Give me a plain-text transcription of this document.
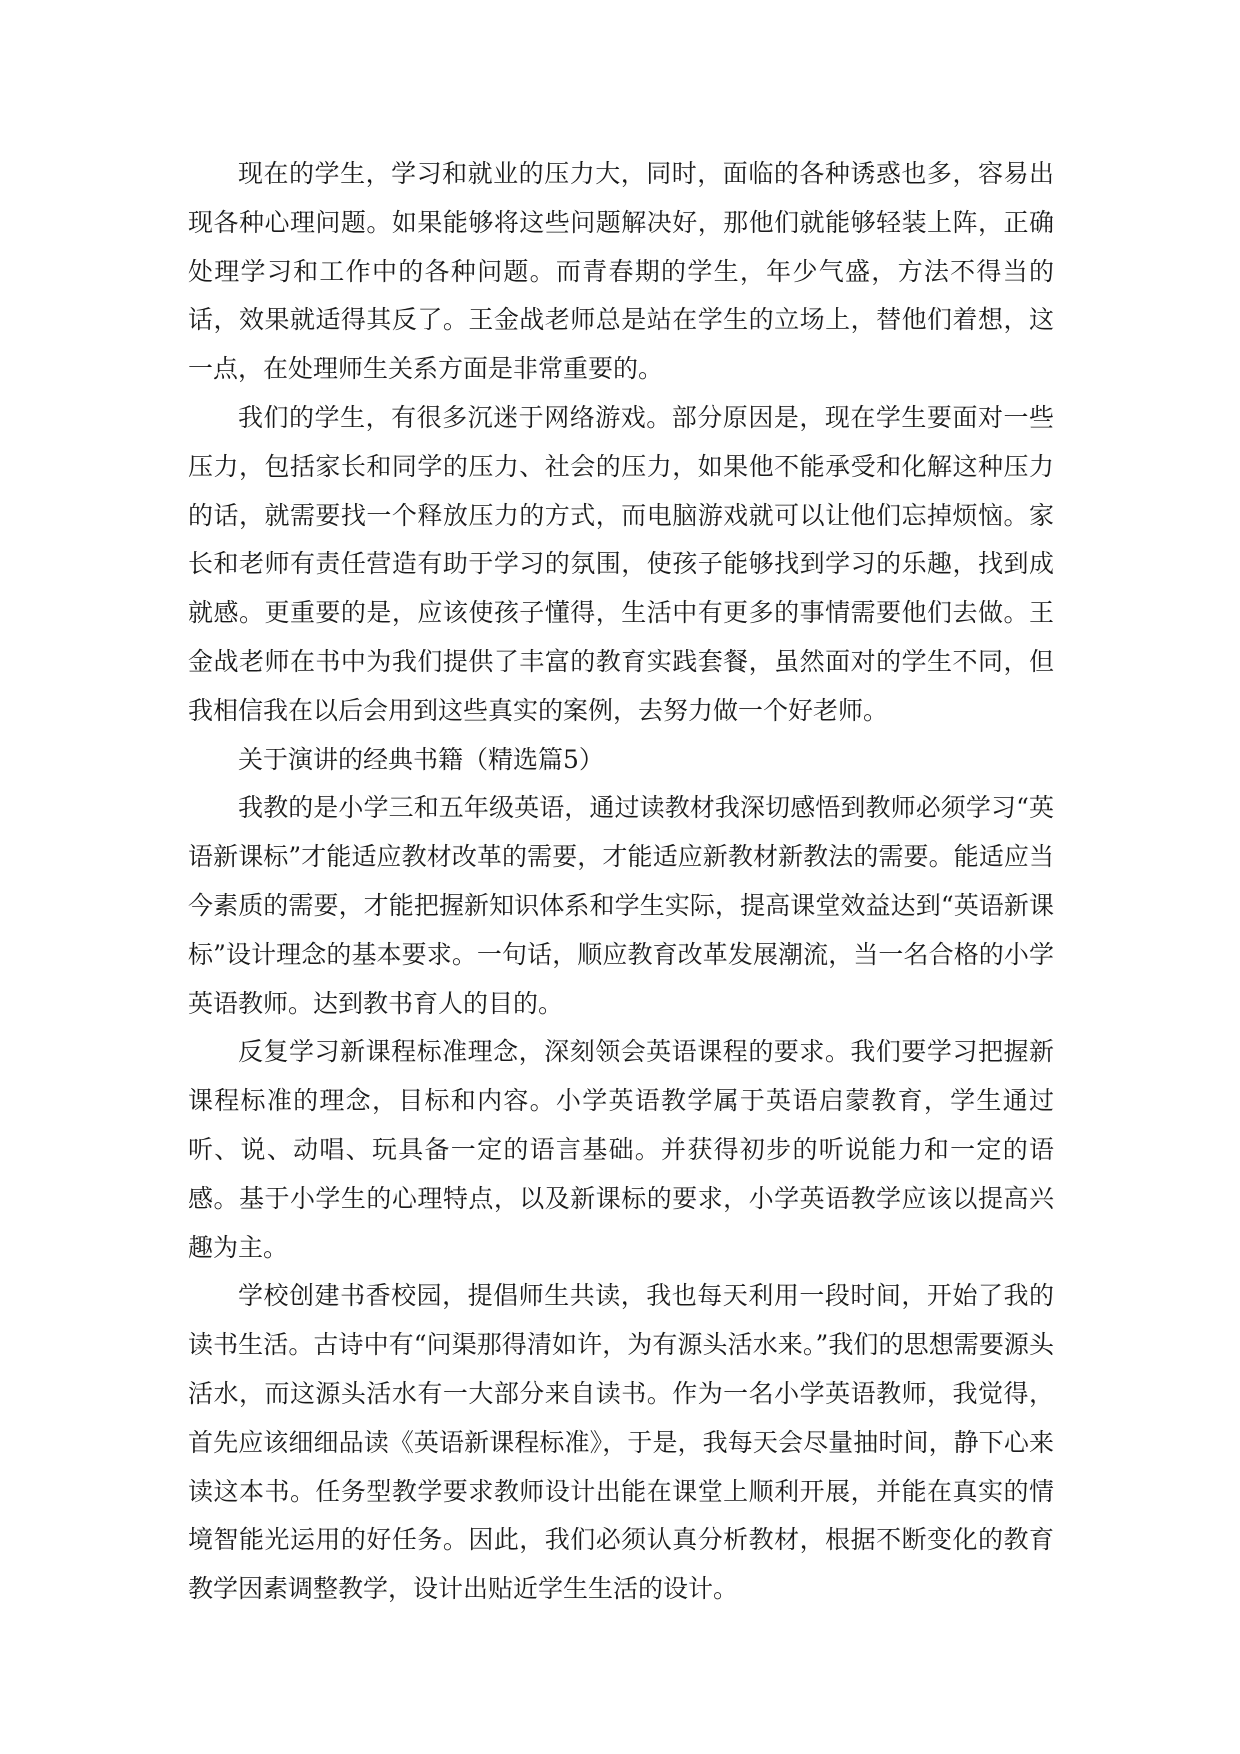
现在的学生，学习和就业的压力大，同时，面临的各种诱惑也多，容易出现各种心理问题。如果能够将这些问题解决好，那他们就能够轻装上阵，正确处理学习和工作中的各种问题。而青春期的学生，年少气盛，方法不得当的话，效果就适得其反了。王金战老师总是站在学生的立场上，替他们着想，这一点，在处理师生关系方面是非常重要的。

我们的学生，有很多沉迷于网络游戏。部分原因是，现在学生要面对一些压力，包括家长和同学的压力、社会的压力，如果他不能承受和化解这种压力的话，就需要找一个释放压力的方式，而电脑游戏就可以让他们忘掉烦恼。家长和老师有责任营造有助于学习的氛围，使孩子能够找到学习的乐趣，找到成就感。更重要的是，应该使孩子懂得，生活中有更多的事情需要他们去做。王金战老师在书中为我们提供了丰富的教育实践套餐，虽然面对的学生不同，但我相信我在以后会用到这些真实的案例，去努力做一个好老师。

关于演讲的经典书籍（精选篇5）

我教的是小学三和五年级英语，通过读教材我深切感悟到教师必须学习“英语新课标”才能适应教材改革的需要，才能适应新教材新教法的需要。能适应当今素质的需要，才能把握新知识体系和学生实际，提高课堂效益达到“英语新课标”设计理念的基本要求。一句话，顺应教育改革发展潮流，当一名合格的小学英语教师。达到教书育人的目的。

反复学习新课程标准理念，深刻领会英语课程的要求。我们要学习把握新课程标准的理念，目标和内容。小学英语教学属于英语启蒙教育，学生通过听、说、动唱、玩具备一定的语言基础。并获得初步的听说能力和一定的语感。基于小学生的心理特点，以及新课标的要求，小学英语教学应该以提高兴趣为主。

学校创建书香校园，提倡师生共读，我也每天利用一段时间，开始了我的读书生活。古诗中有“问渠那得清如许，为有源头活水来。”我们的思想需要源头活水，而这源头活水有一大部分来自读书。作为一名小学英语教师，我觉得，首先应该细细品读《英语新课程标准》，于是，我每天会尽量抽时间，静下心来读这本书。任务型教学要求教师设计出能在课堂上顺利开展，并能在真实的情境智能光运用的好任务。因此，我们必须认真分析教材，根据不断变化的教育教学因素调整教学，设计出贴近学生生活的设计。
